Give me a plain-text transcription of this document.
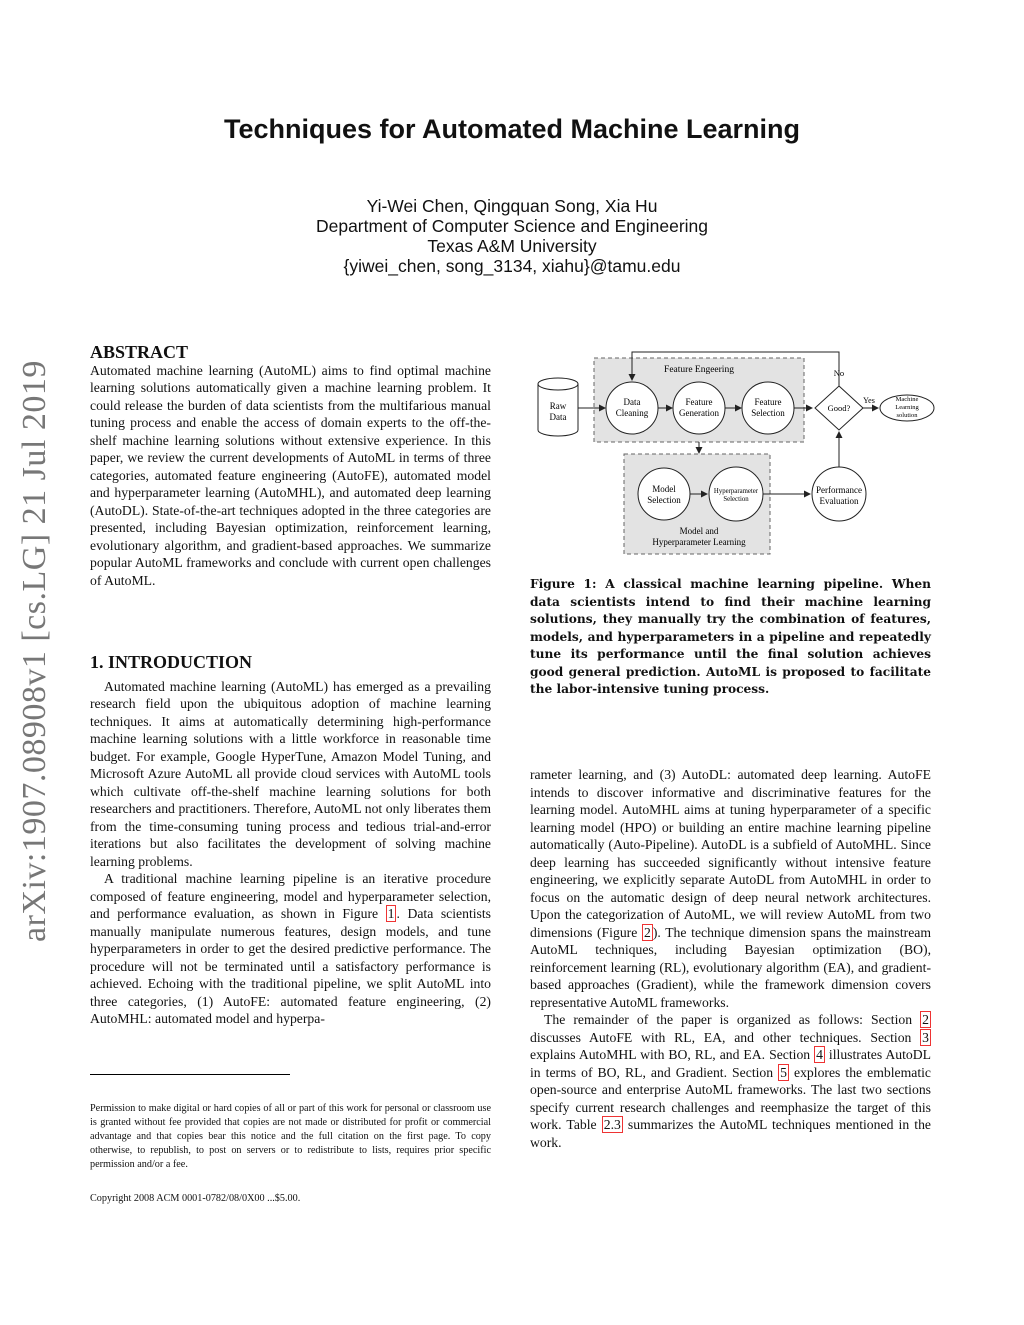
Techniques for Automated Machine Learning
Yi-Wei Chen, Qingquan Song, Xia Hu
Department of Computer Science and Engineering
Texas A&M University
{yiwei_chen, song_3134, xiahu}@tamu.edu
arXiv:1907.08908v1 [cs.LG] 21 Jul 2019
ABSTRACT

Automated machine learning (AutoML) aims to find optimal machine learning solutions automatically given a machine learning problem. It could release the burden of data scientists from the multifarious manual tuning process and enable the access of domain experts to the off-the-shelf machine learning solutions without extensive experience. In this paper, we review the current developments of AutoML in terms of three categories, automated feature engineering (AutoFE), automated model and hyperparameter learning (AutoMHL), and automated deep learning (AutoDL). State-of-the-art techniques adopted in the three categories are presented, including Bayesian optimization, reinforcement learning, evolutionary algorithm, and gradient-based approaches. We summarize popular AutoML frameworks and conclude with current open challenges of AutoML.

1. INTRODUCTION

Automated machine learning (AutoML) has emerged as a prevailing research field upon the ubiquitous adoption of machine learning techniques. It aims at automatically determining high-performance machine learning solutions with a little workforce in reasonable time budget. For example, Google HyperTune, Amazon Model Tuning, and Microsoft Azure AutoML all provide cloud services with AutoML tools which cultivate off-the-shelf machine learning solutions for both researchers and practitioners. Therefore, AutoML not only liberates them from the time-consuming tuning process and tedious trial-and-error iterations but also facilitates the development of solving machine learning problems.

A traditional machine learning pipeline is an iterative procedure composed of feature engineering, model and hyperparameter selection, and performance evaluation, as shown in Figure 1 . Data scientists manually manipulate numerous features, design models, and tune hyperparameters in order to get the desired predictive performance. The procedure will not be terminated until a satisfactory performance is achieved. Echoing with the traditional pipeline, we split AutoML into three categories, (1) AutoFE: automated feature engineering, (2) AutoMHL: automated model and hyperpa-

Permission to make digital or hard copies of all or part of this work for personal or classroom use is granted without fee provided that copies are not made or distributed for profit or commercial advantage and that copies bear this notice and the full citation on the first page. To copy otherwise, to republish, to post on servers or to redistribute to lists, requires prior specific permission and/or a fee.
Copyright 2008 ACM 0001-0782/08/0X00 ...$5.00.
Feature Engeering
Raw
Data
Data
Cleaning
Feature
Generation
Feature
Selection	Good?
No
Yes	Machine
Learning
solution
Model
Selection
Hyperparameter
Selection
Model and
Hyperparameter Learning
Performance
Evaluation
Figure 1: A classical machine learning pipeline. When data scientists intend to find their machine learning solutions, they manually try the combination of features, models, and hyperparameters in a pipeline and repeatedly tune its performance until the final solution achieves good general prediction. AutoML is proposed to facilitate the labor-intensive tuning process.

rameter learning, and (3) AutoDL: automated deep learning. AutoFE intends to discover informative and discriminative features for the learning model. AutoMHL aims at tuning hyperparameter of a specific learning model (HPO) or building an entire machine learning pipeline automatically (Auto-Pipeline). AutoDL is a subfield of AutoMHL. Since deep learning has succeeded significantly without intensive feature engineering, we explicitly separate AutoDL from AutoMHL in order to focus on the automatic design of deep neural network architectures. Upon the categorization of AutoML, we will review AutoML from two dimensions (Figure 2 ). The technique dimension spans the mainstream AutoML techniques, including Bayesian optimization (BO), reinforcement learning (RL), evolutionary algorithm (EA), and gradient-based approaches (Gradient), while the framework dimension covers representative AutoML frameworks.

The remainder of the paper is organized as follows: Section 2 discusses AutoFE with RL, EA, and other techniques. Section 3 explains AutoMHL with BO, RL, and EA. Section 4 illustrates AutoDL in terms of BO, RL, and Gradient. Section 5 explores the emblematic open-source and enterprise AutoML frameworks. The last two sections specify current research challenges and reemphasize the target of this work. Table 2.3 summarizes the AutoML techniques mentioned in the work.
